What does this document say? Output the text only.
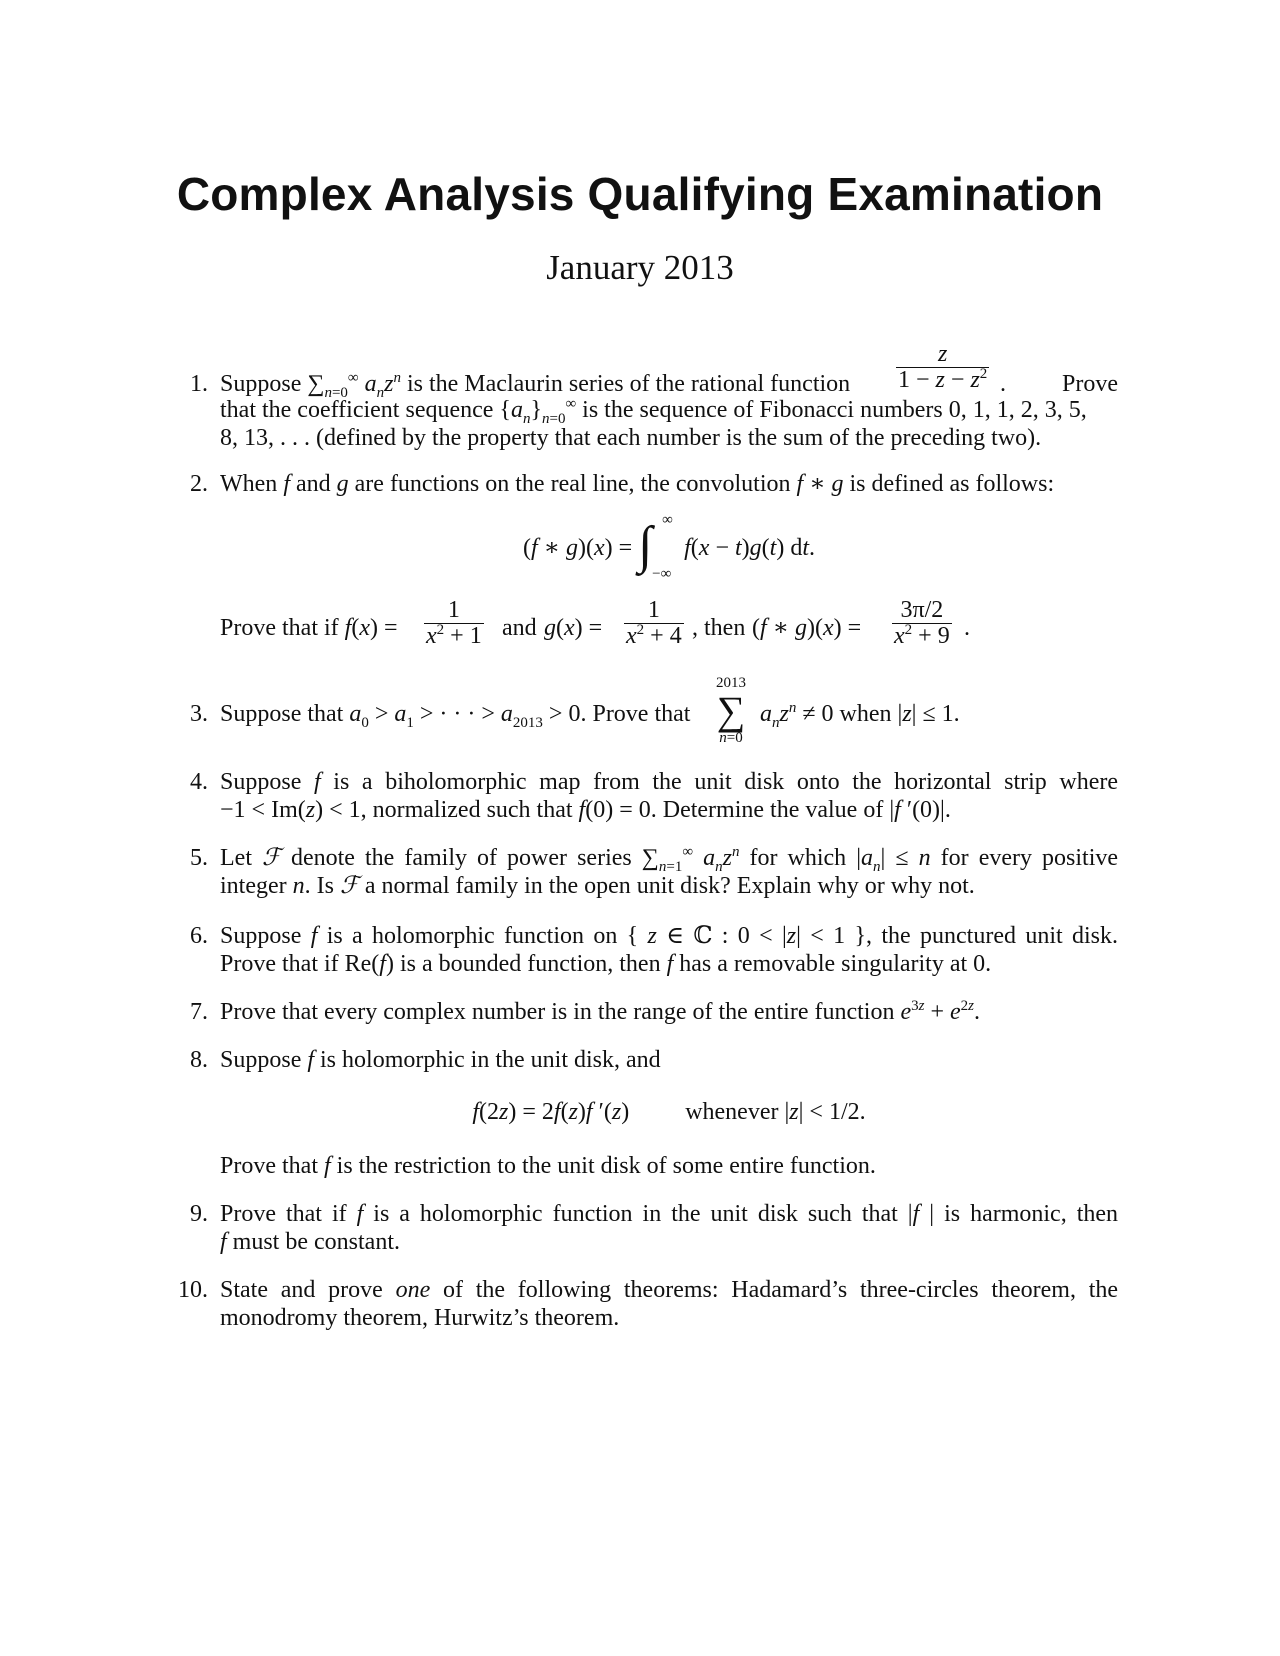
Complex Analysis Qualifying Examination
January 2013
1. Suppose $\sum_{n=0}^\infty$ $a_nz^n$ is the Maclaurin series of the rational function $\frac{z}{1 - z - z^2}$ . Prove
that the coefficient sequence $\{a_n\}_{n=0}^\infty$ is the sequence of Fibonacci numbers 0, 1, 1, 2, 3, 5,
8, 13, . . . (defined by the property that each number is the sum of the preceding two).
2. When f and g are functions on the real line, the convolution f ∗ g is defined as follows:
(f ∗ g)(x) = ∫ ∞
−∞
f(x − t)g(t) dt.
Prove that if $f(x) = \frac{1}{x^2 + 1}$ and $g(x) = \frac{1}{x^2 + 4}$ , then (f ∗ $g)(x) = \frac{3\pi/2}{x^2 + 9}$ .
3. Suppose that $a_0 > a_1$ > · · · > $a_{2013} > 0$. Prove that
2013
∑
n=0
$a_nz^n \ne 0$ when |z| ≤ 1.
4. Suppose f is a biholomorphic map from the unit disk onto the horizontal strip where
−1 < Im(z) < 1, normalized such that f(0) = 0. Determine the value of |f ′(0)|.
5. Let ℱ denote the family of power series $\sum_{n=1}^\infty$ $a_nz^n$ for which $|a_n| \le n$ for every positive
integer n. Is ℱ a normal family in the open unit disk? Explain why or why not.
6. Suppose f is a holomorphic function on { z ∈ ℂ : 0 < |z| < 1 }, the punctured unit disk.
Prove that if Re(f) is a bounded function, then f has a removable singularity at 0.
7. Prove that every complex number is in the range of the entire function $e^{3z} + e^{2z}$.
8. Suppose f is holomorphic in the unit disk, and
f(2z) = 2f(z)f ′(z)  whenever |z| < 1/2.
Prove that f is the restriction to the unit disk of some entire function.
9. Prove that if f is a holomorphic function in the unit disk such that |f | is harmonic, then
f must be constant.
10. State and prove one of the following theorems: Hadamard’s three-circles theorem, the
monodromy theorem, Hurwitz’s theorem.
